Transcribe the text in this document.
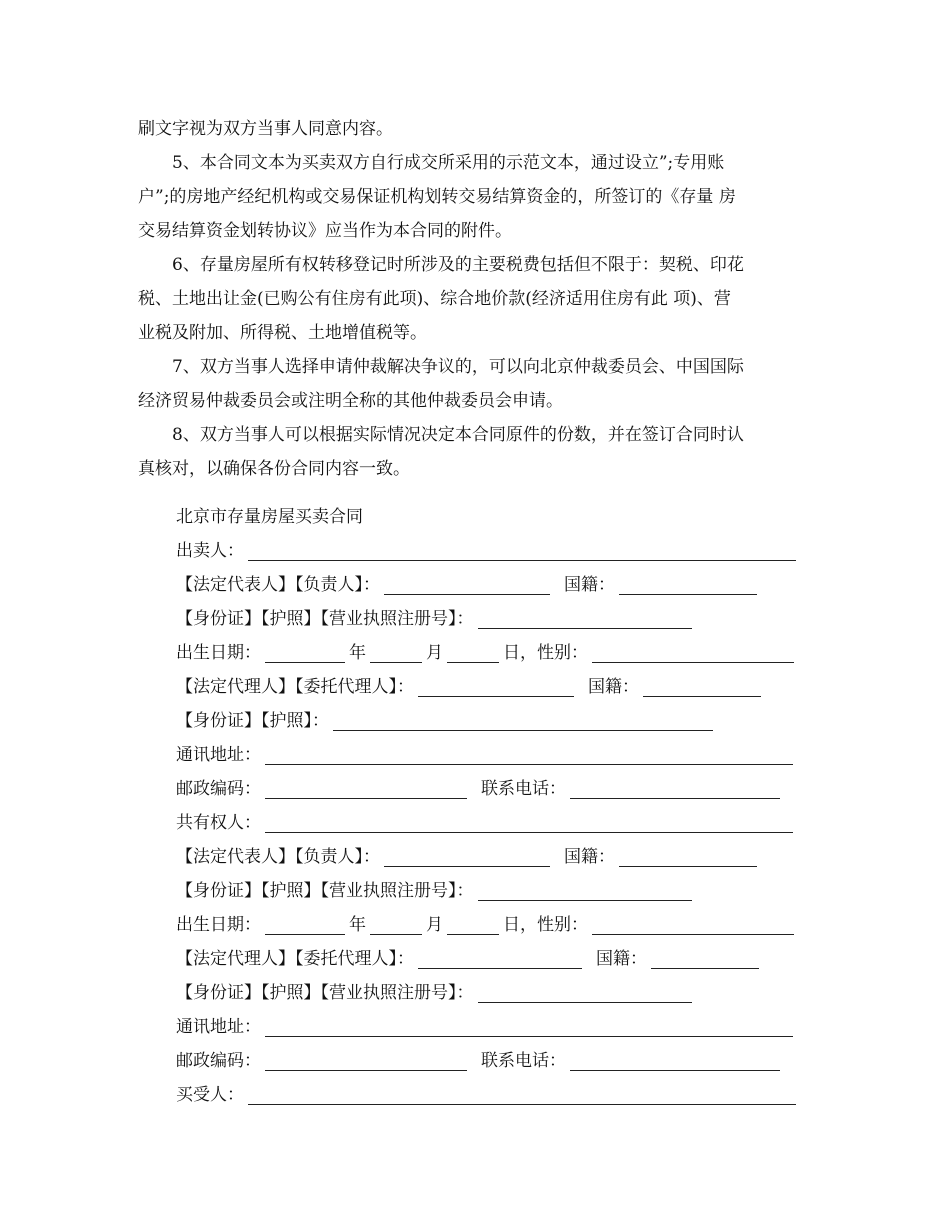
刷文字视为双方当事人同意内容。
　　5、本合同文本为买卖双方自行成交所采用的示范文本，通过设立”;专用账
户”;的房地产经纪机构或交易保证机构划转交易结算资金的，所签订的《存量 房
交易结算资金划转协议》应当作为本合同的附件。
　　6、存量房屋所有权转移登记时所涉及的主要税费包括但不限于：契税、印花
税、土地出让金(已购公有住房有此项)、综合地价款(经济适用住房有此 项)、营
业税及附加、所得税、土地增值税等。
　　7、双方当事人选择申请仲裁解决争议的，可以向北京仲裁委员会、中国国际
经济贸易仲裁委员会或注明全称的其他仲裁委员会申请。
　　8、双方当事人可以根据实际情况决定本合同原件的份数，并在签订合同时认
真核对，以确保各份合同内容一致。
北京市存量房屋买卖合同
出卖人：
【法定代表人】【负责人】：	国籍：
【身份证】【护照】【营业执照注册号】：
出生日期：	年	月	日，性别：
【法定代理人】【委托代理人】：	国籍：
【身份证】【护照】：
通讯地址：
邮政编码：	联系电话：
共有权人：
【法定代表人】【负责人】：	国籍：
【身份证】【护照】【营业执照注册号】：
出生日期：	年	月	日，性别：
【法定代理人】【委托代理人】：	国籍：
【身份证】【护照】【营业执照注册号】：
通讯地址：
邮政编码：	联系电话：
买受人：
